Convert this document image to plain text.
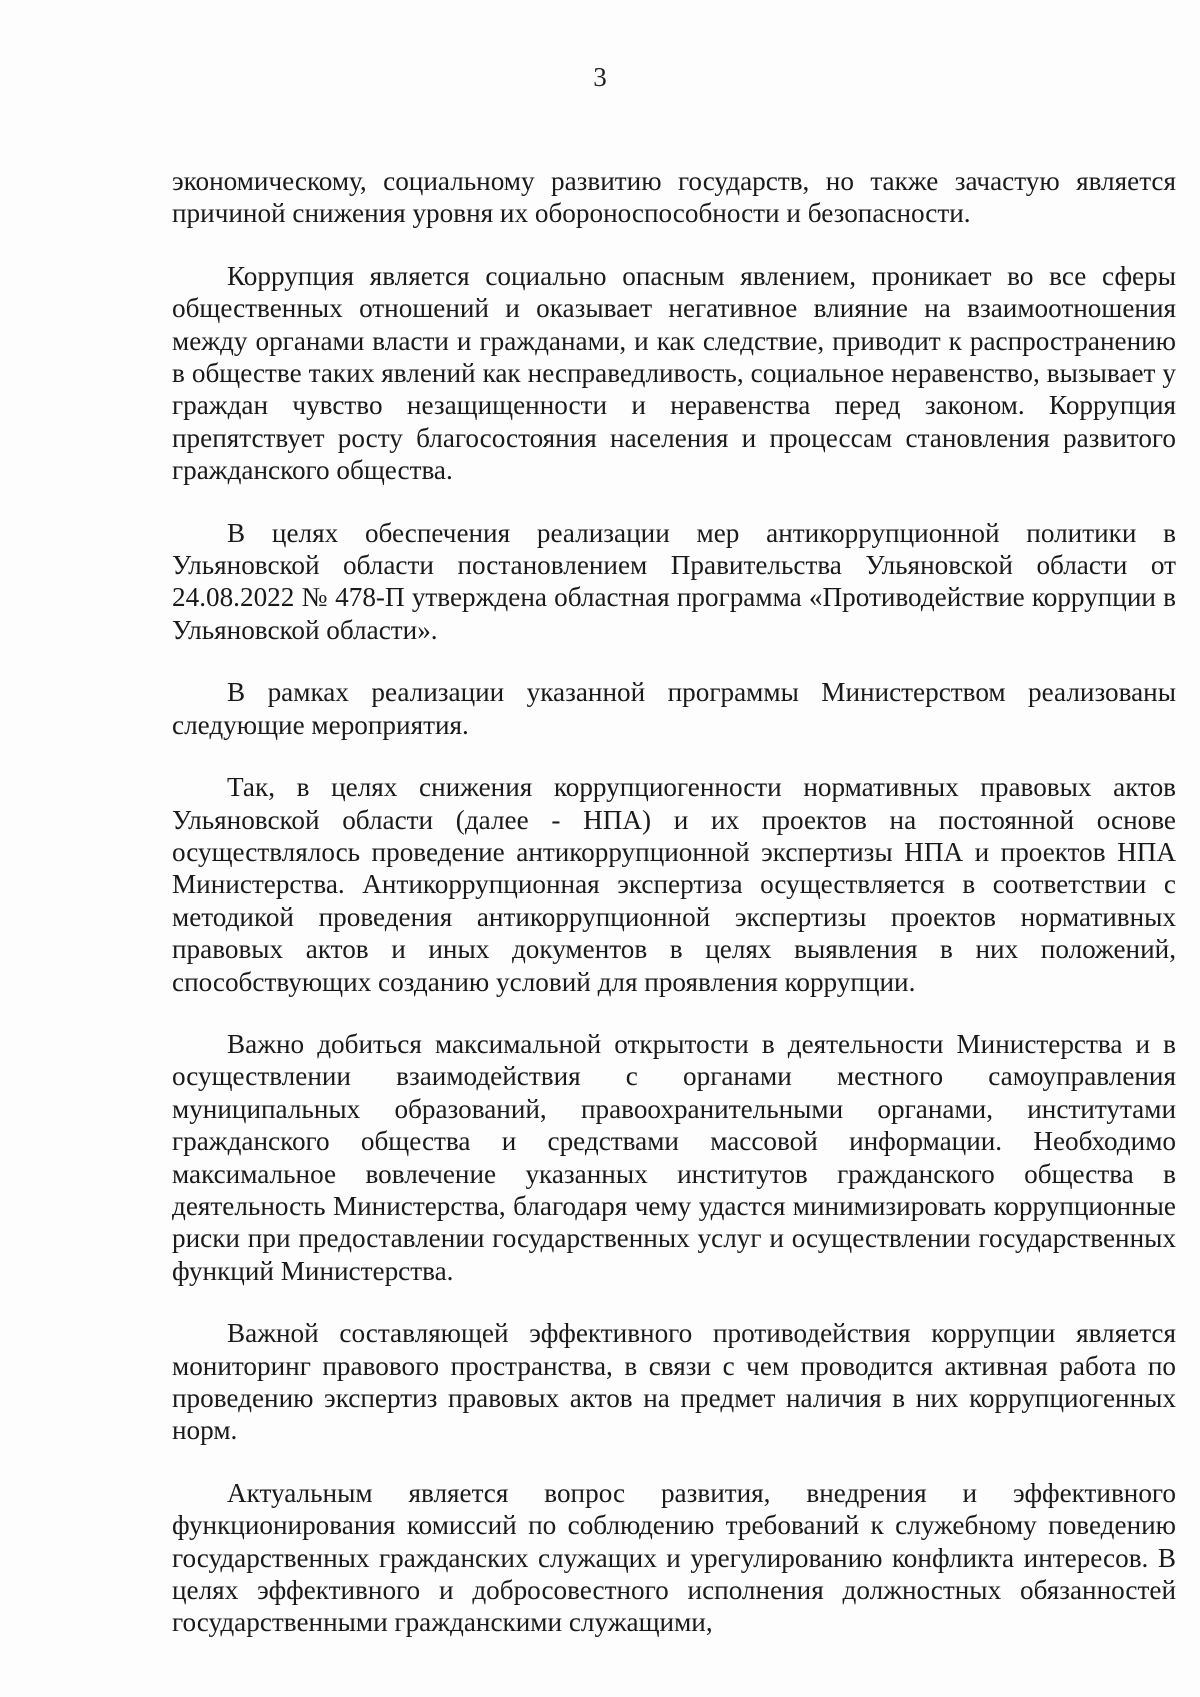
3

экономическому, социальному развитию государств, но также зачастую является причиной снижения уровня их обороноспособности и безопасности.

Коррупция является социально опасным явлением, проникает во все сферы общественных отношений и оказывает негативное влияние на взаимоотношения между органами власти и гражданами, и как следствие, приводит к распространению в обществе таких явлений как несправедливость, социальное неравенство, вызывает у граждан чувство незащищенности и неравенства перед законом. Коррупция препятствует росту благосостояния населения и процессам становления развитого гражданского общества.

В целях обеспечения реализации мер антикоррупционной политики в Ульяновской области постановлением Правительства Ульяновской области от 24.08.2022 № 478-П утверждена областная программа «Противодействие коррупции в Ульяновской области».

В рамках реализации указанной программы Министерством реализованы следующие мероприятия.

Так, в целях снижения коррупциогенности нормативных правовых актов Ульяновской области (далее - НПА) и их проектов на постоянной основе осуществлялось проведение антикоррупционной экспертизы НПА и проектов НПА Министерства. Антикоррупционная экспертиза осуществляется в соответствии с методикой проведения антикоррупционной экспертизы проектов нормативных правовых актов и иных документов в целях выявления в них положений, способствующих созданию условий для проявления коррупции.

Важно добиться максимальной открытости в деятельности Министерства и в осуществлении взаимодействия с органами местного самоуправления муниципальных образований, правоохранительными органами, институтами гражданского общества и средствами массовой информации. Необходимо максимальное вовлечение указанных институтов гражданского общества в деятельность Министерства, благодаря чему удастся минимизировать коррупционные риски при предоставлении государственных услуг и осуществлении государственных функций Министерства.

Важной составляющей эффективного противодействия коррупции является мониторинг правового пространства, в связи с чем проводится активная работа по проведению экспертиз правовых актов на предмет наличия в них коррупциогенных норм.

Актуальным является вопрос развития, внедрения и эффективного функционирования комиссий по соблюдению требований к служебному поведению государственных гражданских служащих и урегулированию конфликта интересов. В целях эффективного и добросовестного исполнения должностных обязанностей государственными гражданскими служащими,
